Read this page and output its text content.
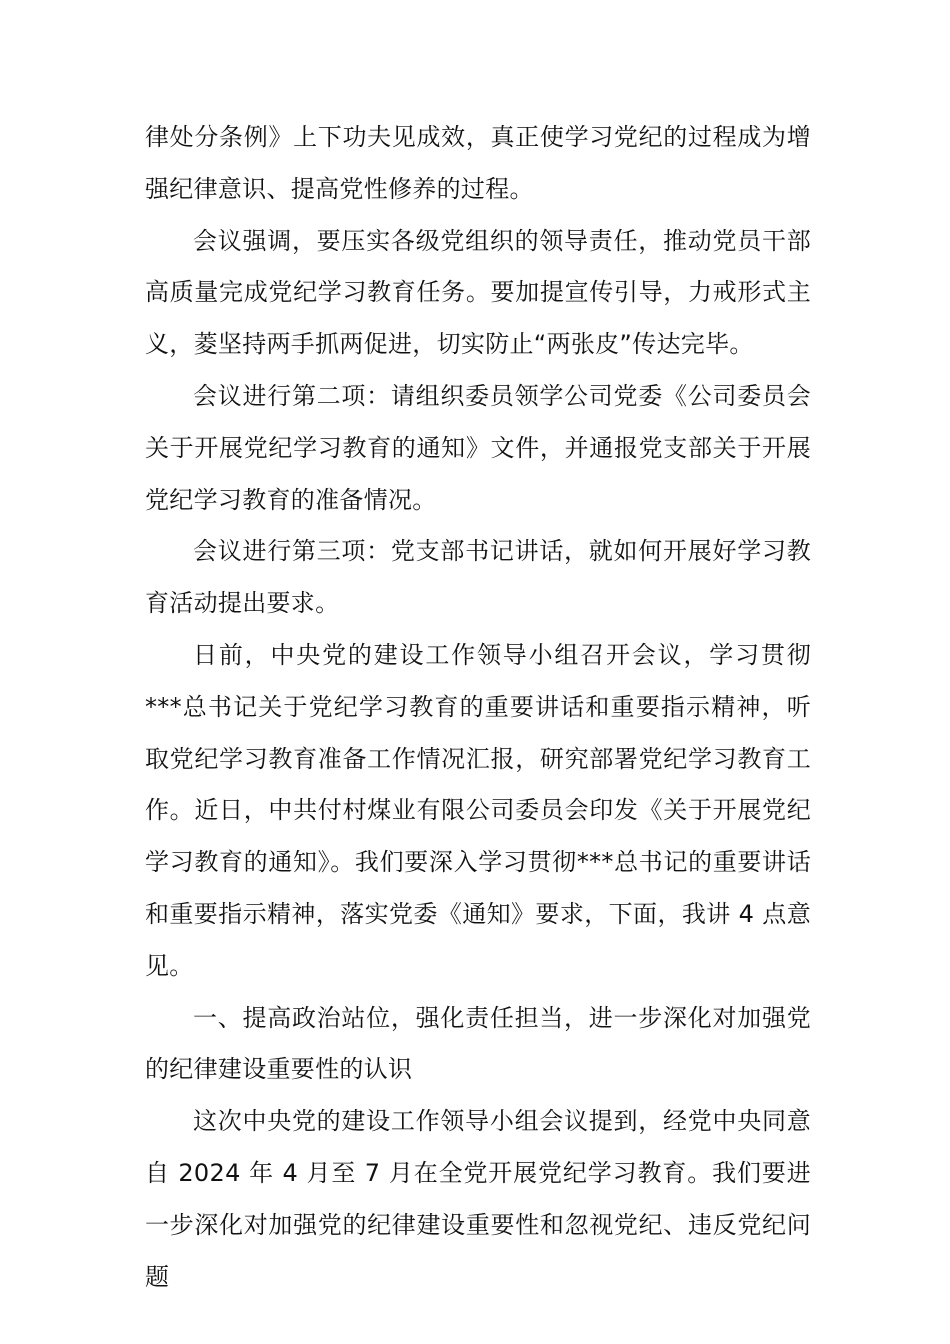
律处分条例》上下功夫见成效，真正使学习党纪的过程成为增强纪律意识、提高党性修养的过程。

会议强调，要压实各级党组织的领导责任，推动党员干部高质量完成党纪学习教育任务。要加提宣传引导，力戒形式主义，菱坚持两手抓两促进，切实防止“两张皮”传达完毕。

会议进行第二项：请组织委员领学公司党委《公司委员会关于开展党纪学习教育的通知》文件，并通报党支部关于开展党纪学习教育的准备情况。

会议进行第三项：党支部书记讲话，就如何开展好学习教育活动提出要求。

日前，中央党的建设工作领导小组召开会议，学习贯彻***总书记关于党纪学习教育的重要讲话和重要指示精神，听取党纪学习教育准备工作情况汇报，研究部署党纪学习教育工作。近日，中共付村煤业有限公司委员会印发《关于开展党纪学习教育的通知》。我们要深入学习贯彻***总书记的重要讲话和重要指示精神，落实党委《通知》要求，下面，我讲 4 点意见。

一、提高政治站位，强化责任担当，进一步深化对加强党的纪律建设重要性的认识

这次中央党的建设工作领导小组会议提到，经党中央同意自 2024 年 4 月至 7 月在全党开展党纪学习教育。我们要进一步深化对加强党的纪律建设重要性和忽视党纪、违反党纪问题
